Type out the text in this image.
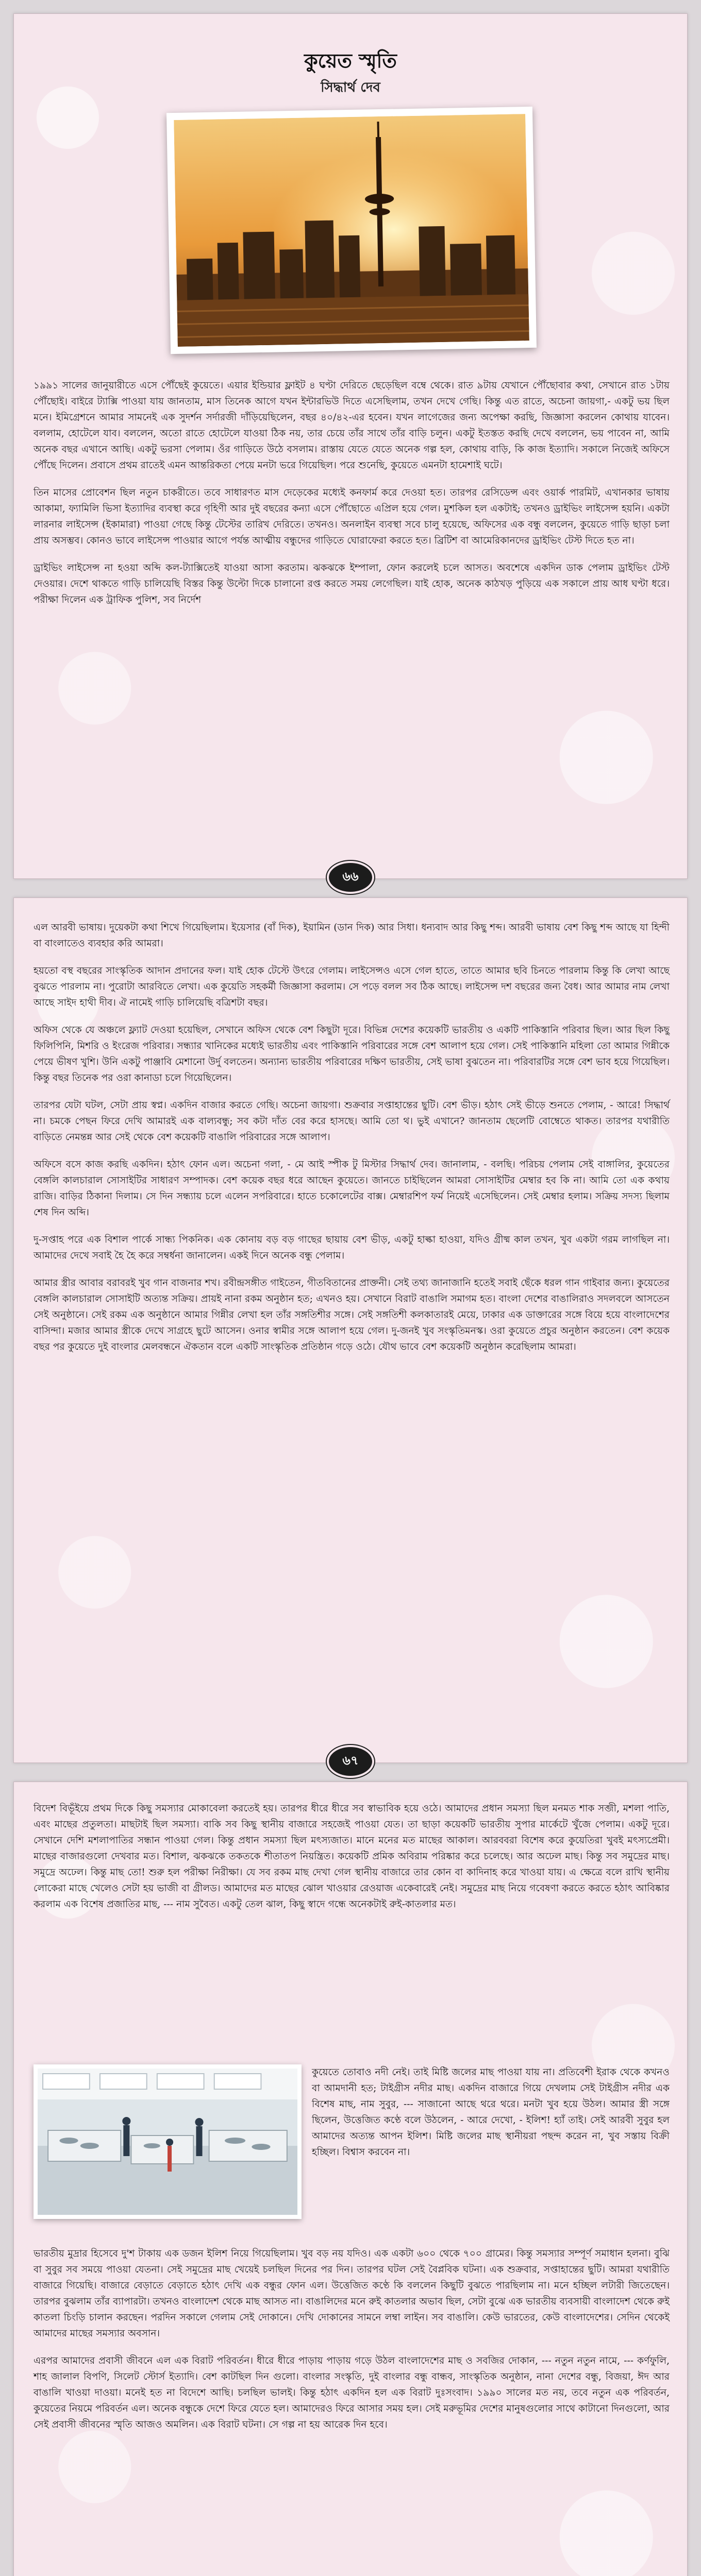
কুয়েত স্মৃতি
সিদ্ধার্থ দেব

১৯৯১ সালের জানুয়ারীতে এসে পৌঁছেই কুয়েতে। এয়ার ইন্ডিয়ার ফ্লাইট ৪ ঘণ্টা দেরিতে ছেড়েছিল বম্বে থেকে। রাত ৯টায় যেখানে পৌঁছোবার কথা, সেখানে রাত ১টায় পৌঁছোই। বাইরে ট্যাক্সি পাওয়া যায় জানতাম, মাস তিনেক আগে যখন ইন্টারভিউ দিতে এসেছিলাম, তখন দেখে গেছি। কিন্তু এত রাতে, অচেনা জায়গা,- একটু ভয় ছিল মনে। ইমিগ্রেশনে আমার সামনেই এক সুদর্শন সর্দারজী দাঁড়িয়েছিলেন, বছর ৪০/৪২-এর হবেন। যখন লাগেজের জন্য অপেক্ষা করছি, জিজ্ঞাসা করলেন কোথায় যাবেন। বললাম, হোটেলে যাব। বললেন, অতো রাতে হোটেলে যাওয়া ঠিক নয়, তার চেয়ে তাঁর সাথে তাঁর বাড়ি চলুন। একটু ইতস্তত করছি দেখে বললেন, ভয় পাবেন না, আমি অনেক বছর এখানে আছি। একটু ভরসা পেলাম। ওঁর গাড়িতে উঠে বসলাম। রাস্তায় যেতে যেতে অনেক গল্প হল, কোথায় বাড়ি, কি কাজ ইত্যাদি। সকালে নিজেই অফিসে পৌঁছে দিলেন। প্রবাসে প্রথম রাতেই এমন আন্তরিকতা পেয়ে মনটা ভরে গিয়েছিল। পরে শুনেছি, কুয়েতে এমনটা হামেশাই ঘটে।

তিন মাসের প্রোবেশন ছিল নতুন চাকরীতে। তবে সাধারণত মাস দেড়েকের মধ্যেই কনফার্ম করে দেওয়া হত। তারপর রেসিডেন্স এবং ওয়ার্ক পারমিট, এখানকার ভাষায় আকামা, ফ্যামিলি ভিসা ইত্যাদির ব্যবস্থা করে গৃহিণী আর দুই বছরের কন্যা এসে পৌঁছোতে এপ্রিল হয়ে গেল। মুশকিল হল একটাই; তখনও ড্রাইভিং লাইসেন্স হয়নি। একটা লারনার লাইসেন্স (ইকামারা) পাওয়া গেছে কিন্তু টেস্টের তারিখ দেরিতে। তখনও। অনলাইন ব্যবস্থা সবে চালু হয়েছে, অফিসের এক বন্ধু বললেন, কুয়েতে গাড়ি ছাড়া চলা প্রায় অসম্ভব। কোনও ভাবে লাইসেন্স পাওয়ার আগে পর্যন্ত আত্মীয় বন্ধুদের গাড়িতে ঘোরাফেরা করতে হত। ব্রিটিশ বা আমেরিকানদের ড্রাইভিং টেস্ট দিতে হত না।

ড্রাইভিং লাইসেন্স না হওয়া অব্দি কল-ট্যাক্সিতেই যাওয়া আসা করতাম। ঝকঝকে ইম্পালা, ফোন করলেই চলে আসত। অবশেষে একদিন ডাক পেলাম ড্রাইভিং টেস্ট দেওয়ার। দেশে থাকতে গাড়ি চালিয়েছি বিস্তর কিন্তু উল্টো দিকে চালানো রপ্ত করতে সময় লেগেছিল। যাই হোক, অনেক কাঠখড় পুড়িয়ে এক সকালে প্রায় আধ ঘণ্টা ধরে। পরীক্ষা দিলেন এক ট্রাফিক পুলিশ, সব নির্দেশ

৬৬

এল আরবী ভাষায়। দুয়েকটা কথা শিখে গিয়েছিলাম। ইয়েসার (বাঁ দিক), ইয়ামিন (ডান দিক) আর সিধা। ধন্যবাদ আর কিছু শব্দ। আরবী ভাষায় বেশ কিছু শব্দ আছে যা হিন্দী বা বাংলাতেও ব্যবহার করি আমরা।

হয়তো বস্থ বছরের সাংস্কৃতিক আদান প্রদানের ফল। যাই হোক টেস্টে উৎরে গেলাম। লাইসেন্সও এসে গেল হাতে, তাতে আমার ছবি চিনতে পারলাম কিন্তু কি লেখা আছে বুঝতে পারলাম না। পুরোটা আরবিতে লেখা। এক কুয়েতি সহকর্মী জিজ্ঞাসা করলাম। সে পড়ে বলল সব ঠিক আছে। লাইসেন্স দশ বছরের জন্য বৈধ। আর আমার নাম লেখা আছে সাইদ হাথী দীব। ঐ নামেই গাড়ি চালিয়েছি বত্রিশটা বছর।

অফিস থেকে যে অঞ্চলে ফ্ল্যাট দেওয়া হয়েছিল, সেখানে অফিস থেকে বেশ কিছুটা দূরে। বিভিন্ন দেশের কয়েকটি ভারতীয় ও একটি পাকিস্তানি পরিবার ছিল। আর ছিল কিছু ফিলিপিনি, মিশরি ও ইংরেজ পরিবার। সন্ধ্যার খানিকের মধ্যেই ভারতীয় এবং পাকিস্তানি পরিবারের সঙ্গে বেশ আলাপ হয়ে গেল। সেই পাকিস্তানি মহিলা তো আমার গিন্নীকে পেয়ে ভীষণ খুশি। উনি একটু পাঞ্জাবি মেশানো উর্দু বলতেন। অন্যান্য ভারতীয় পরিবারের দক্ষিণ ভারতীয়, সেই ভাষা বুঝতেন না। পরিবারটির সঙ্গে বেশ ভাব হয়ে গিয়েছিল। কিন্তু বছর তিনেক পর ওরা কানাডা চলে গিয়েছিলেন।

তারপর যেটা ঘটল, সেটা প্রায় স্বপ্ন। একদিন বাজার করতে গেছি। অচেনা জায়গা। শুক্রবার সপ্তাহান্তের ছুটি। বেশ ভীড়। হঠাৎ সেই ভীড়ে শুনতে পেলাম, - আরে! সিদ্ধার্থ না। চমকে পেছন ফিরে দেখি আমারই এক বাল্যবন্ধু; সব কটা দাঁত বের করে হাসছে। আমি তো থ। ভুই এখানে? জানতাম ছেলেটি বোম্বেতে থাকত। তারপর যথারীতি বাড়িতে নেমন্তন্ন আর সেই থেকে বেশ কয়েকটি বাঙালি পরিবারের সঙ্গে আলাপ।

অফিসে বসে কাজ করছি একদিন। হঠাৎ ফোন এল। অচেনা গলা, - মে আই স্পীক টু মিস্টার সিদ্ধার্থ দেব। জানালাম, - বলছি। পরিচয় পেলাম সেই বাঙ্গালির, কুয়েতের বেঙ্গলি কালচারাল সোসাইটির সাধারণ সম্পাদক। বেশ কয়েক বছর ধরে আছেন কুয়েতে। জানতে চাইছিলেন আমরা সোসাইটির মেম্বার হব কি না। আমি তো এক কথায় রাজি। বাড়ির ঠিকানা দিলাম। সে দিন সন্ধ্যায় চলে এলেন সপরিবারে। হাতে চকোলেটের বাক্স। মেম্বারশিপ ফর্ম নিয়েই এসেছিলেন। সেই মেম্বার হলাম। সক্রিয় সদস্য ছিলাম শেষ দিন অব্দি।

দু-সপ্তাহ পরে এক বিশাল পার্কে সান্ধ্য পিকনিক। এক কোনায় বড় বড় গাছের ছায়ায় বেশ ভীড়, একটু হাল্কা হাওয়া, যদিও গ্রীষ্ম কাল তখন, খুব একটা গরম লাগছিল না। আমাদের দেখে সবাই হৈ হৈ করে সম্বর্ধনা জানালেন। একই দিনে অনেক বন্ধু পেলাম।

আমার স্ত্রীর আবার বরাবরই খুব গান বাজনার শখ। রবীন্দ্রসঙ্গীত গাইতেন, গীতবিতানের প্রাক্তনী। সেই তথ্য জানাজানি হতেই সবাই ছেঁকে ধরল গান গাইবার জন্য। কুয়েতের বেঙ্গলি কালচারাল সোসাইটি অত্যন্ত সক্রিয়। প্রায়ই নানা রকম অনুষ্ঠান হত; এখনও হয়। সেখানে বিরাট বাঙালি সমাগম হত। বাংলা দেশের বাঙালিরাও সদলবলে আসতেন সেই অনুষ্ঠানে। সেই রকম এক অনুষ্ঠানে আমার গিন্নীর লেখা হল তাঁর সঙ্গতিশীর সঙ্গে। সেই সঙ্গতিশী কলকাতারই মেয়ে, ঢাকার এক ডাক্তারের সঙ্গে বিয়ে হয়ে বাংলাদেশের বাসিন্দা। মজার আমার স্ত্রীকে দেখে সাগ্রহে ছুটে আসেন। ওনার স্বামীর সঙ্গে আলাপ হয়ে গেল। দু-জনই খুব সংস্কৃতিমনস্ক। ওরা কুয়েতে প্রচুর অনুষ্ঠান করতেন। বেশ কয়েক বছর পর কুয়েতে দুই বাংলার মেলবন্ধনে ঐকতান বলে একটি সাংস্কৃতিক প্রতিষ্ঠান গড়ে ওঠে। যৌথ ভাবে বেশ কয়েকটি অনুষ্ঠান করেছিলাম আমরা।

৬৭

বিদেশ বিভূঁইয়ে প্রথম দিকে কিছু সমস্যার মোকাবেলা করতেই হয়। তারপর ধীরে ধীরে সব স্বাভাবিক হয়ে ওঠে। আমাদের প্রধান সমস্যা ছিল মনমত শাক সব্জী, মশলা পাতি, এবং মাছের প্রতুলতা। মাছটাই ছিল সমস্যা। বাকি সব কিছু স্থানীয় বাজারে সহজেই পাওয়া যেত। তা ছাড়া কয়েকটি ভারতীয় সুপার মার্কেটে খুঁজে পেলাম। একটু দূরে। সেখানে দেশি মশলাপাতির সন্ধান পাওয়া গেল। কিন্তু প্রধান সমস্যা ছিল মৎস্যজাত। মানে মনের মত মাছের আকাল। আরববরা বিশেষ করে কুয়েতিরা খুবই মৎস্যপ্রেমী। মাছের বাজারগুলো দেখবার মত। বিশাল, ঝকঝকে তকতকে শীতাতপ নিয়ন্ত্রিত। কয়েকটি প্রমিক অবিরাম পরিষ্কার করে চলেছে। আর অঢেল মাছ। কিন্তু সব সমুদ্রের মাছ। সমুদ্রে অঢেল। কিন্তু মাছ তো! শুরু হল পরীক্ষা নিরীক্ষা। যে সব রকম মাছ দেখা গেল স্থানীয় বাজারে তার কোন বা কাদিনাহ করে খাওয়া যায়। এ ক্ষেত্রে বলে রাখি স্থানীয় লোকেরা মাছে খেলেও সেটা হয় ভাজী বা গ্রীলড। আমাদের মত মাছের ঝোল খাওয়ার রেওয়াজ একেবারেই নেই। সমুদ্রের মাছ নিয়ে গবেষণা করতে করতে হঠাৎ আবিষ্কার করলাম এক বিশেষ প্রজাতির মাছ, --- নাম সুবৈত। একটু তেল ঝাল, কিছু স্বাদে গন্ধে অনেকটাই রুই-কাতলার মত।

কুয়েতে তোবাও নদী নেই। তাই মিষ্টি জলের মাছ পাওয়া যায় না। প্রতিবেশী ইরাক থেকে কখনও বা আমদানী হত; টাইগ্রীস নদীর মাছ। একদিন বাজারে গিয়ে দেখলাম সেই টাইগ্রীস নদীর এক বিশেষ মাছ, নাম সুবুর, --- সাজানো আছে থরে থরে। মনটা খুব হয়ে উঠল। আমার স্ত্রী সঙ্গে ছিলেন, উত্তেজিত কণ্ঠে বলে উঠলেন, - আরে দেখো, - ইলিশ! হ্যাঁ তাই। সেই আরবী সুবুর হল আমাদের অত্যন্ত আপন ইলিশ। মিষ্টি জলের মাছ স্থানীয়রা পছন্দ করেন না, খুব সস্তায় বিক্রী হচ্ছিল। বিশ্বাস করবেন না।

ভারতীয় মুদ্রার হিসেবে দু'শ টাকায় এক ডজন ইলিশ নিয়ে গিয়েছিলাম। খুব বড় নয় যদিও। এক একটা ৬০০ থেকে ৭০০ গ্রামের। কিন্তু সমস্যার সম্পূর্ণ সমাধান হলনা। বুঝি বা সুবুর সব সময়ে পাওয়া যেতনা। সেই সমুদ্রের মাছ খেয়েই চলছিল দিনের পর দিন। তারপর ঘটল সেই বৈপ্লবিক ঘটনা। এক শুক্রবার, সপ্তাহান্তের ছুটি। আমরা যথারীতি বাজারে গিয়েছি। বাজারে বেড়াতে বেড়াতে হঠাৎ দেখি এক বন্ধুর ফোন এল। উত্তেজিত কণ্ঠে কি বললেন কিছুটি বুঝতে পারছিলাম না। মনে হচ্ছিল লটারী জিতেছেন। তারপর বুঝলাম তাঁর ব্যাপারটা। তখনও বাংলাদেশ থেকে মাছ আসত না। বাঙালিদের মনে রুই কাতলার অভাব ছিল, সেটা বুঝে এক ভারতীয় ব্যবসায়ী বাংলাদেশ থেকে রুই কাতলা চিংড়ি চালান করছেন। পরদিন সকালে গেলাম সেই দোকানে। দেখি দোকানের সামনে লম্বা লাইন। সব বাঙালি। কেউ ভারতের, কেউ বাংলাদেশের। সেদিন থেকেই আমাদের মাছের সমস্যার অবসান।

এরপর আমাদের প্রবাসী জীবনে এল এক বিরাট পরিবর্তন। ধীরে ধীরে পাড়ায় পাড়ায় গড়ে উঠল বাংলাদেশের মাছ ও সবজির দোকান, --- নতুন নতুন নামে, --- কর্ণফুলি, শাহ জালাল বিপণি, সিলেট স্টোর্স ইত্যাদি। বেশ কাটছিল দিন গুলো। বাংলার সংস্কৃতি, দুই বাংলার বন্ধু বান্ধব, সাংস্কৃতিক অনুষ্ঠান, নানা দেশের বন্ধু, বিজয়া, ঈদ আর বাঙালি খাওয়া দাওয়া। মনেই হত না বিদেশে আছি। চলছিল ভালই। কিন্তু হঠাৎ একদিন হল এক বিরাট দুঃসংবাদ। ১৯৯০ সালের মত নয়, তবে নতুন এক পরিবর্তন, কুয়েতের নিয়মে পরিবর্তন এল। অনেক বন্ধুকে দেশে ফিরে যেতে হল। আমাদেরও ফিরে আসার সময় হল। সেই মরুভূমির দেশের মানুষগুলোর সাথে কাটানো দিনগুলো, আর সেই প্রবাসী জীবনের স্মৃতি আজও অমলিন। এক বিরাট ঘটনা। সে গল্প না হয় আরেক দিন হবে।
